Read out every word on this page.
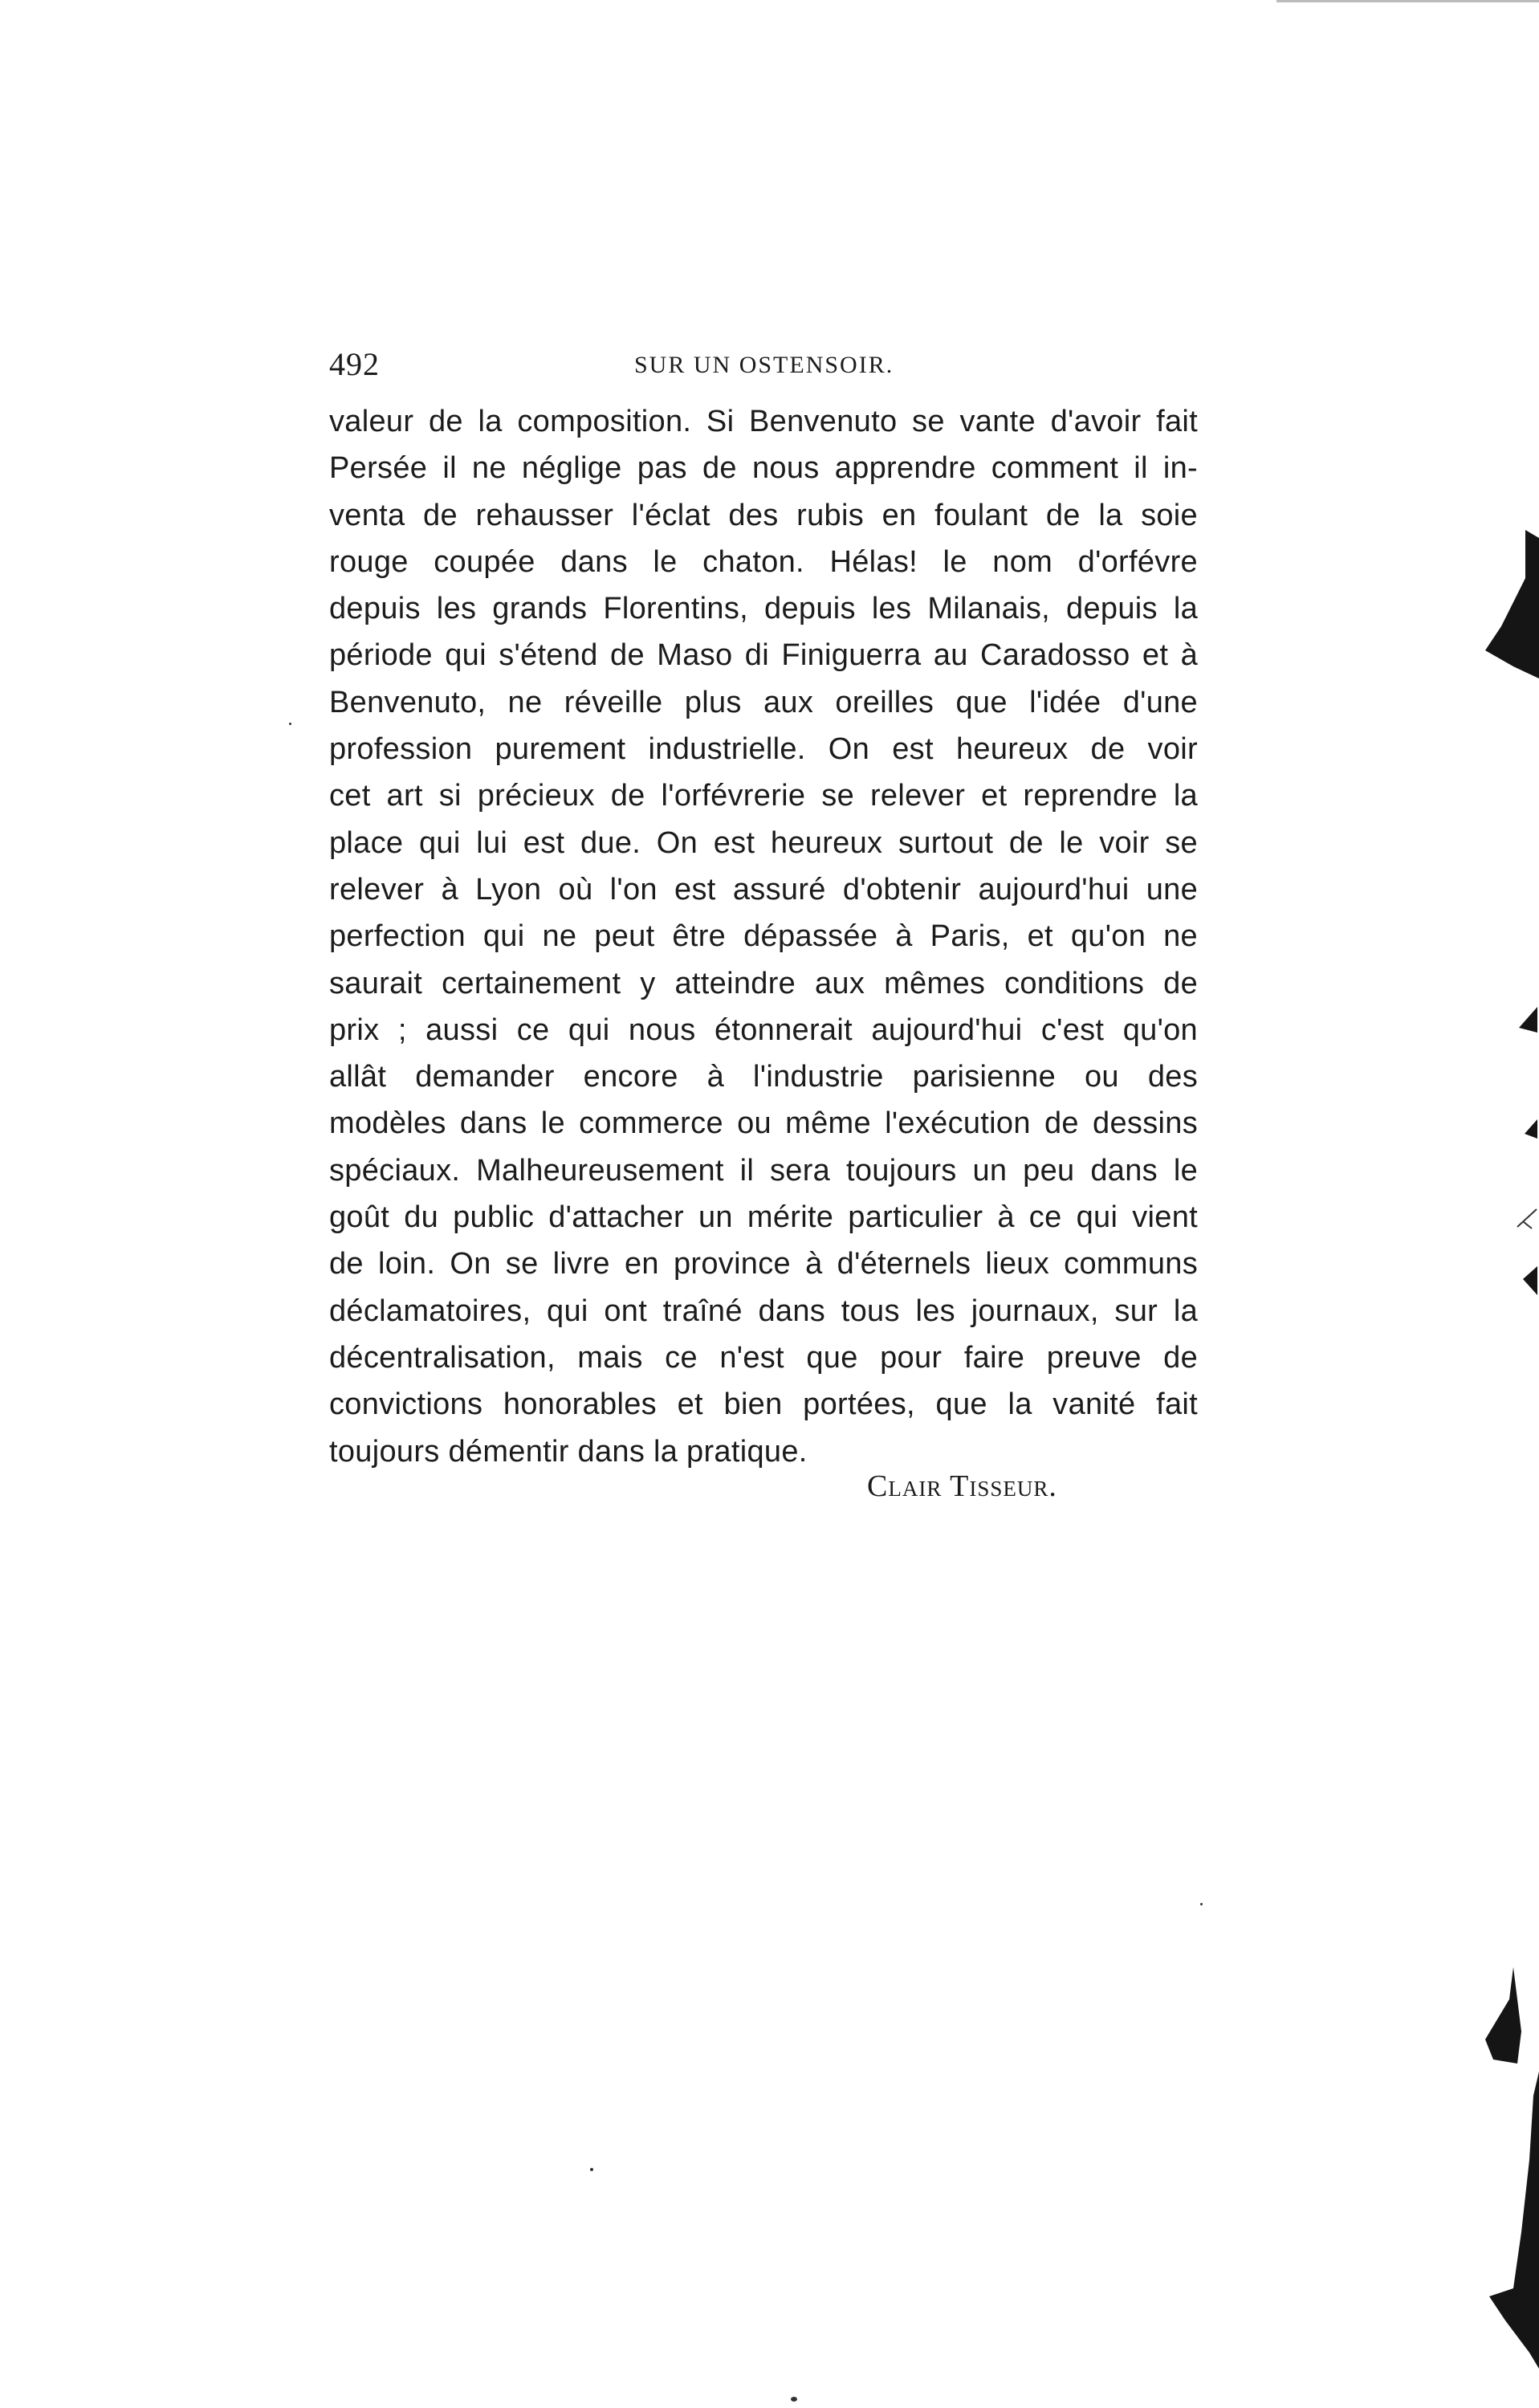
492	SUR UN OSTENSOIR.
valeur de la composition. Si Benvenuto se vante d'avoir fait
Persée il ne néglige pas de nous apprendre comment il in-
venta de rehausser l'éclat des rubis en foulant de la soie
rouge coupée dans le chaton. Hélas! le nom d'orfévre
depuis les grands Florentins, depuis les Milanais, depuis la
période qui s'étend de Maso di Finiguerra au Caradosso et à
Benvenuto, ne réveille plus aux oreilles que l'idée d'une
profession purement industrielle. On est heureux de voir
cet art si précieux de l'orfévrerie se relever et reprendre la
place qui lui est due. On est heureux surtout de le voir se
relever à Lyon où l'on est assuré d'obtenir aujourd'hui une
perfection qui ne peut être dépassée à Paris, et qu'on ne
saurait certainement y atteindre aux mêmes conditions de
prix ; aussi ce qui nous étonnerait aujourd'hui c'est qu'on
allât demander encore à l'industrie parisienne ou des
modèles dans le commerce ou même l'exécution de dessins
spéciaux. Malheureusement il sera toujours un peu dans le
goût du public d'attacher un mérite particulier à ce qui vient
de loin. On se livre en province à d'éternels lieux communs
déclamatoires, qui ont traîné dans tous les journaux, sur la
décentralisation, mais ce n'est que pour faire preuve de
convictions honorables et bien portées, que la vanité fait
toujours démentir dans la pratique.
Clair Tisseur.
